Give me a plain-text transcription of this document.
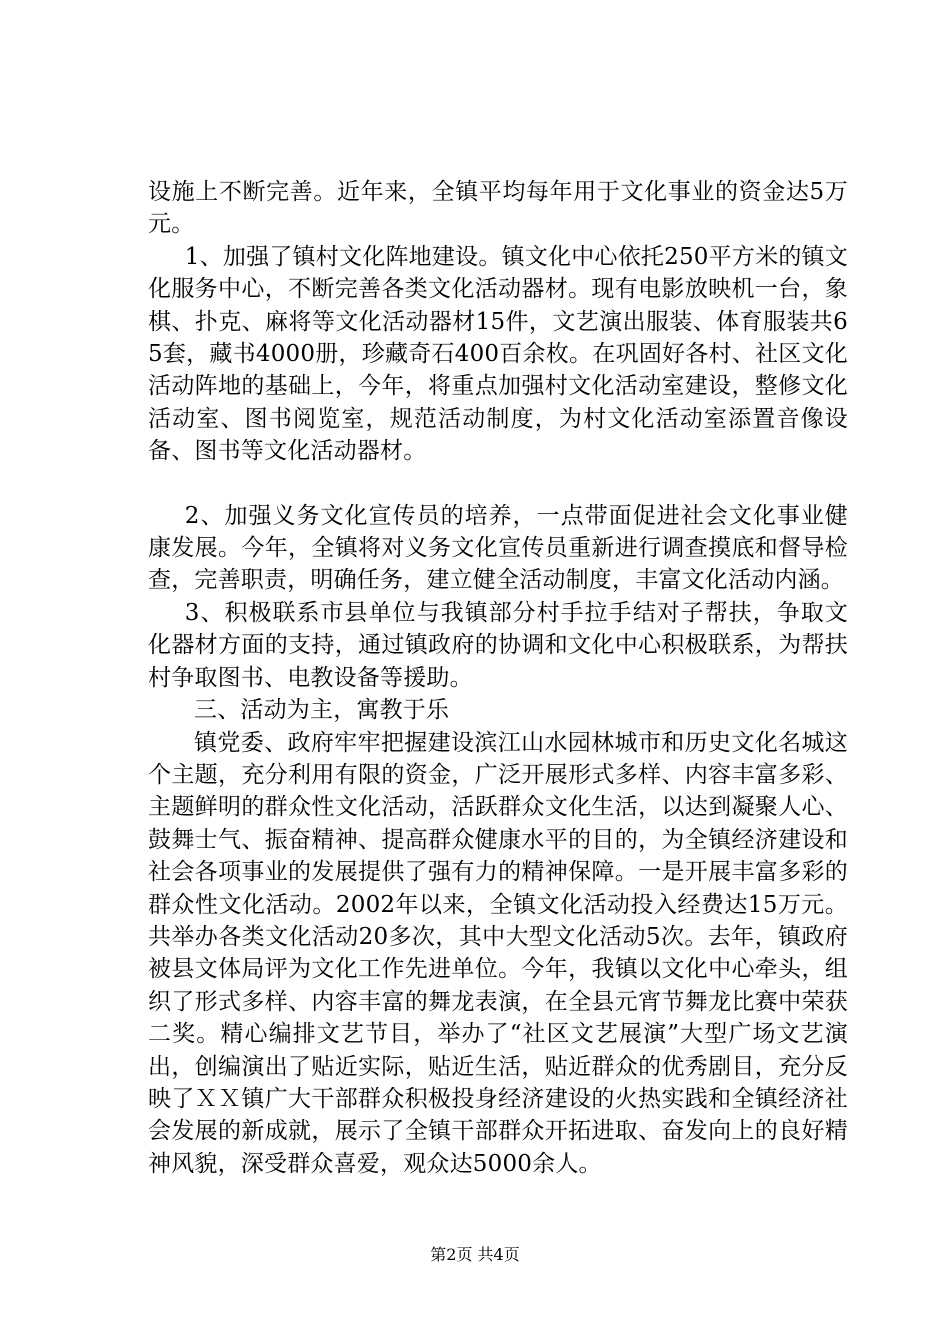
设施上不断完善。近年来，全镇平均每年用于文化事业的资金达5万元。

1、加强了镇村文化阵地建设。镇文化中心依托250平方米的镇文化服务中心，不断完善各类文化活动器材。现有电影放映机一台，象棋、扑克、麻将等文化活动器材15件，文艺演出服装、体育服装共65套，藏书4000册，珍藏奇石400百余枚。在巩固好各村、社区文化活动阵地的基础上，今年，将重点加强村文化活动室建设，整修文化活动室、图书阅览室，规范活动制度，为村文化活动室添置音像设备、图书等文化活动器材。

2、加强义务文化宣传员的培养，一点带面促进社会文化事业健康发展。今年，全镇将对义务文化宣传员重新进行调查摸底和督导检查，完善职责，明确任务，建立健全活动制度，丰富文化活动内涵。

3、积极联系市县单位与我镇部分村手拉手结对子帮扶，争取文化器材方面的支持，通过镇政府的协调和文化中心积极联系，为帮扶村争取图书、电教设备等援助。

三、活动为主，寓教于乐

镇党委、政府牢牢把握建设滨江山水园林城市和历史文化名城这个主题，充分利用有限的资金，广泛开展形式多样、内容丰富多彩、主题鲜明的群众性文化活动，活跃群众文化生活，以达到凝聚人心、鼓舞士气、振奋精神、提高群众健康水平的目的，为全镇经济建设和社会各项事业的发展提供了强有力的精神保障。一是开展丰富多彩的群众性文化活动。2002年以来，全镇文化活动投入经费达15万元。共举办各类文化活动20多次，其中大型文化活动5次。去年，镇政府被县文体局评为文化工作先进单位。今年，我镇以文化中心牵头，组织了形式多样、内容丰富的舞龙表演，在全县元宵节舞龙比赛中荣获二奖。精心编排文艺节目，举办了“社区文艺展演”大型广场文艺演出，创编演出了贴近实际，贴近生活，贴近群众的优秀剧目，充分反映了ＸＸ镇广大干部群众积极投身经济建设的火热实践和全镇经济社会发展的新成就，展示了全镇干部群众开拓进取、奋发向上的良好精神风貌，深受群众喜爱，观众达5000余人。

第2页 共4页
